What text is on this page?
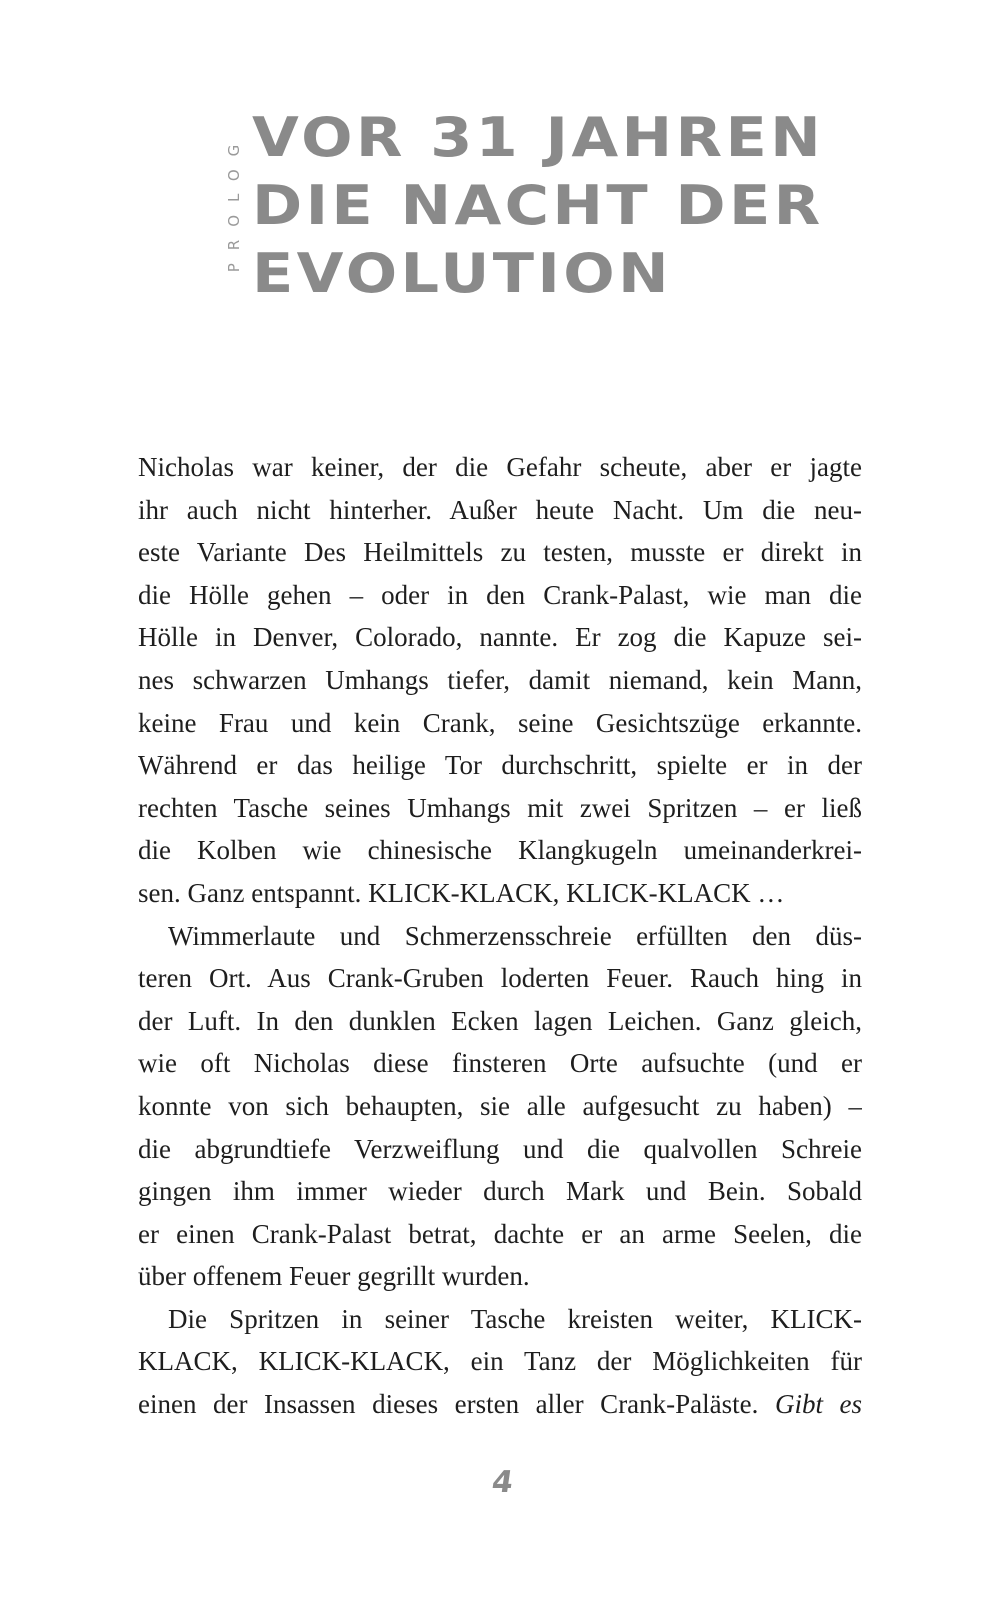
PROLOG VOR 31 JAHREN
DIE NACHT DER
EVOLUTION
Nicholas war keiner, der die Gefahr scheute, aber er jagte
ihr auch nicht hinterher. Außer heute Nacht. Um die neu-
este Variante Des Heilmittels zu testen, musste er direkt in
die Hölle gehen – oder in den Crank-Palast, wie man die
Hölle in Denver, Colorado, nannte. Er zog die Kapuze sei-
nes schwarzen Umhangs tiefer, damit niemand, kein Mann,
keine Frau und kein Crank, seine Gesichtszüge erkannte.
Während er das heilige Tor durchschritt, spielte er in der
rechten Tasche seines Umhangs mit zwei Spritzen – er ließ
die Kolben wie chinesische Klangkugeln umeinanderkrei-
sen. Ganz entspannt. KLICK-KLACK, KLICK-KLACK …
Wimmerlaute und Schmerzensschreie erfüllten den düs-
teren Ort. Aus Crank-Gruben loderten Feuer. Rauch hing in
der Luft. In den dunklen Ecken lagen Leichen. Ganz gleich,
wie oft Nicholas diese finsteren Orte aufsuchte (und er
konnte von sich behaupten, sie alle aufgesucht zu haben) –
die abgrundtiefe Verzweiflung und die qualvollen Schreie
gingen ihm immer wieder durch Mark und Bein. Sobald
er einen Crank-Palast betrat, dachte er an arme Seelen, die
über offenem Feuer gegrillt wurden.
Die Spritzen in seiner Tasche kreisten weiter, KLICK-
KLACK, KLICK-KLACK, ein Tanz der Möglichkeiten für
einen der Insassen dieses ersten aller Crank-Paläste. Gibt es
4
